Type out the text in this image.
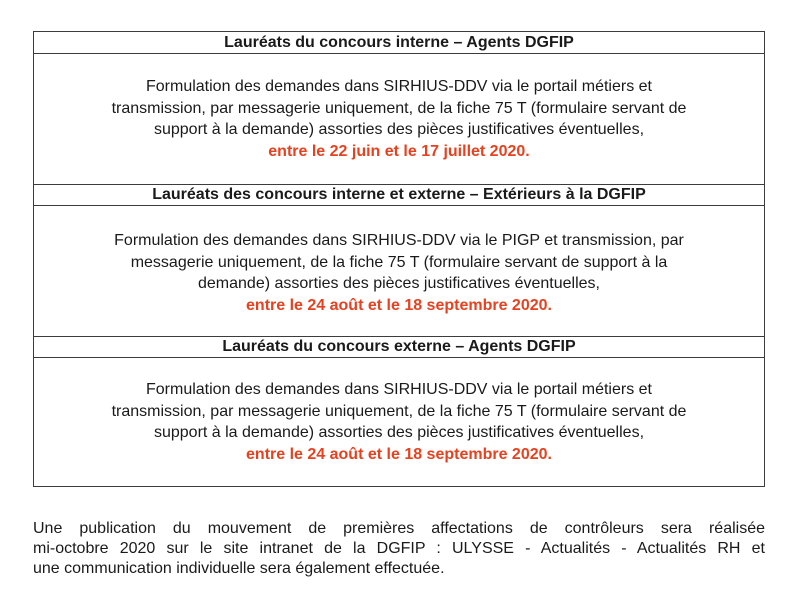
Lauréats du concours interne – Agents DGFIP
Formulation des demandes dans SIRHIUS-DDV via le portail métiers et
transmission, par messagerie uniquement, de la fiche 75 T (formulaire servant de
support à la demande) assorties des pièces justificatives éventuelles,
entre le 22 juin et le 17 juillet 2020.
Lauréats des concours interne et externe – Extérieurs à la DGFIP
Formulation des demandes dans SIRHIUS-DDV via le PIGP et transmission, par
messagerie uniquement, de la fiche 75 T (formulaire servant de support à la
demande) assorties des pièces justificatives éventuelles,
entre le 24 août et le 18 septembre 2020.
Lauréats du concours externe – Agents DGFIP
Formulation des demandes dans SIRHIUS-DDV via le portail métiers et
transmission, par messagerie uniquement, de la fiche 75 T (formulaire servant de
support à la demande) assorties des pièces justificatives éventuelles,
entre le 24 août et le 18 septembre 2020.
Une publication du mouvement de premières affectations de contrôleurs sera réalisée
mi-octobre 2020 sur le site intranet de la DGFIP : ULYSSE - Actualités - Actualités RH et
une communication individuelle sera également effectuée.
